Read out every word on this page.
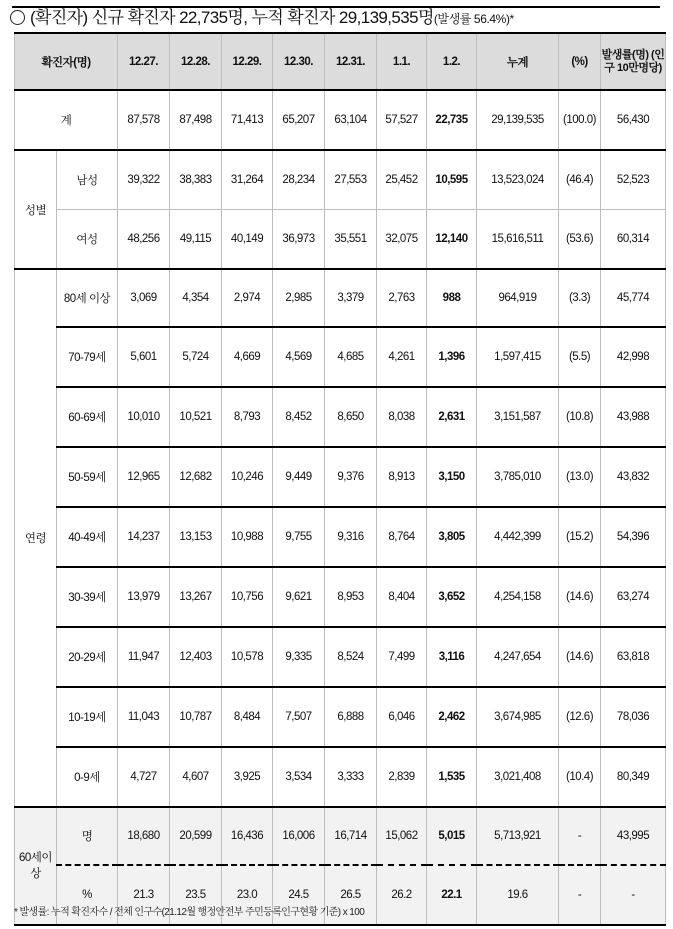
(확진자) 신규 확진자 22,735명, 누적 확진자 29,139,535명(발생률 56.4%)*
확진자(명)		12.27.	12.28.	12.29.	12.30.	12.31.	1.1.	1.2.	누계	(%)	발생률(명) (인구 10만명당)
계		87,578	87,498	71,413	65,207	63,104	57,527	22,735	29,139,535	(100.0)	56,430
성별	남성	39,322	38,383	31,264	28,234	27,553	25,452	10,595	13,523,024	(46.4)	52,523
	여성	48,256	49,115	40,149	36,973	35,551	32,075	12,140	15,616,511	(53.6)	60,314
연령	80세 이상	3,069	4,354	2,974	2,985	3,379	2,763	988	964,919	(3.3)	45,774
	70-79세	5,601	5,724	4,669	4,569	4,685	4,261	1,396	1,597,415	(5.5)	42,998
	60-69세	10,010	10,521	8,793	8,452	8,650	8,038	2,631	3,151,587	(10.8)	43,988
	50-59세	12,965	12,682	10,246	9,449	9,376	8,913	3,150	3,785,010	(13.0)	43,832
	40-49세	14,237	13,153	10,988	9,755	9,316	8,764	3,805	4,442,399	(15.2)	54,396
	30-39세	13,979	13,267	10,756	9,621	8,953	8,404	3,652	4,254,158	(14.6)	63,274
	20-29세	11,947	12,403	10,578	9,335	8,524	7,499	3,116	4,247,654	(14.6)	63,818
	10-19세	11,043	10,787	8,484	7,507	6,888	6,046	2,462	3,674,985	(12.6)	78,036
	0-9세	4,727	4,607	3,925	3,534	3,333	2,839	1,535	3,021,408	(10.4)	80,349
60세이상	명	18,680	20,599	16,436	16,006	16,714	15,062	5,015	5,713,921	-	43,995
	%	21.3	23.5	23.0	24.5	26.5	26.2	22.1	19.6	-	-
* 발생률: 누적 확진자수 / 전체 인구수(21.12월 행정안전부 주민등록인구현황 기준) x 100
